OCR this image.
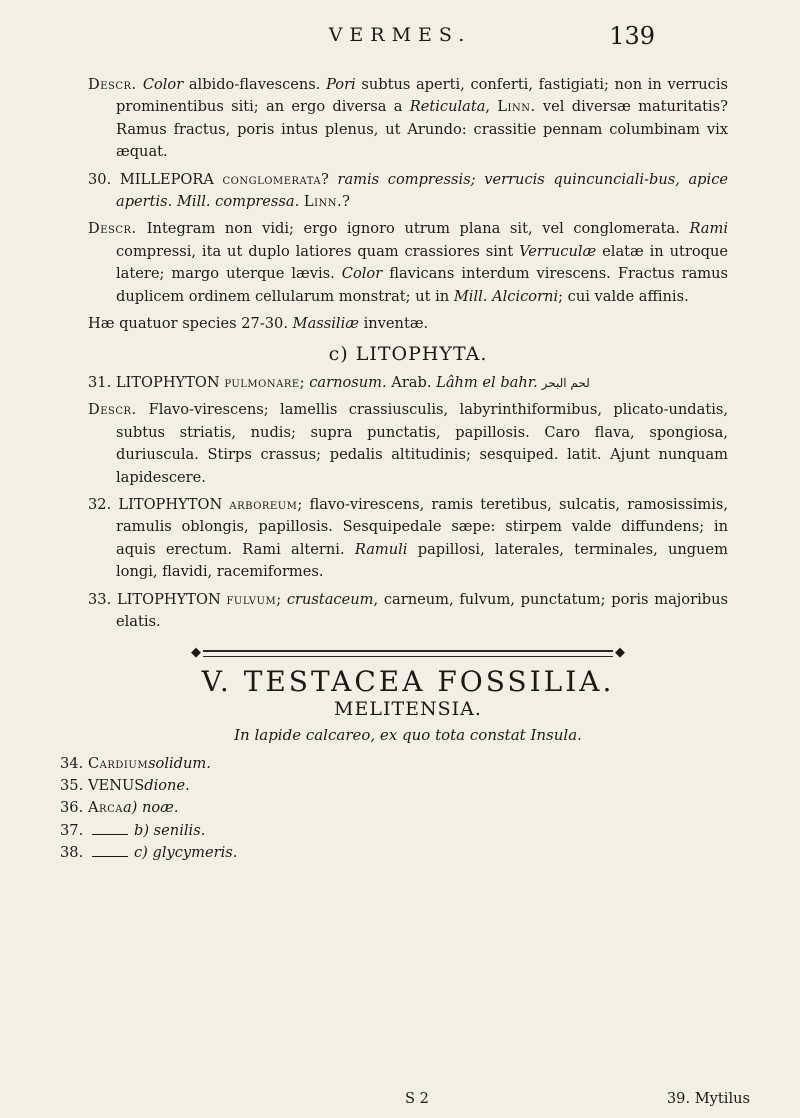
VERMES.	139

Descr. Color albido-flavescens. Pori subtus aperti, conferti, fastigiati; non in verrucis prominentibus siti; an ergo diversa a Reticulata, Linn. vel diversæ maturitatis? Ramus fractus, poris intus plenus, ut Arundo: crassitie pennam columbinam vix æquat.

30. MILLEPORA conglomerata? ramis compressis; verrucis quincunciali-bus, apice apertis. Mill. compressa. Linn.?

Descr. Integram non vidi; ergo ignoro utrum plana sit, vel conglomerata. Rami compressi, ita ut duplo latiores quam crassiores sint Verruculæ elatæ in utroque latere; margo uterque lævis. Color flavicans interdum virescens. Fractus ramus duplicem ordinem cellularum monstrat; ut in Mill. Alcicorni; cui valde affinis.

Hæ quatuor species 27-30. Massiliæ inventæ.

c) LITOPHYTA.

31. LITOPHYTON pulmonare; carnosum. Arab. Lâhm el bahr. لحم البحر

Descr. Flavo-virescens; lamellis crassiusculis, labyrinthiformibus, plicato-undatis, subtus striatis, nudis; supra punctatis, papillosis. Caro flava, spongiosa, duriuscula. Stirps crassus; pedalis altitudinis; sesquiped. latit. Ajunt nunquam lapidescere.

32. LITOPHYTON arboreum; flavo-virescens, ramis teretibus, sulcatis, ramosissimis, ramulis oblongis, papillosis. Sesquipedale sæpe: stirpem valde diffundens; in aquis erectum. Rami alterni. Ramuli papillosi, laterales, terminales, unguem longi, flavidi, racemiformes.

33. LITOPHYTON fulvum; crustaceum, carneum, fulvum, punctatum; poris majoribus elatis.

◆	◆
V. TESTACEA FOSSILIA.
MELITENSIA.
In lapide calcareo, ex quo tota constat Insula.
34. Cardium solidum.
35. VENUS dione.
36. Arca a) noæ.
37.	b) senilis.
38.	c) glycymeris.
S 2	39. Mytilus
